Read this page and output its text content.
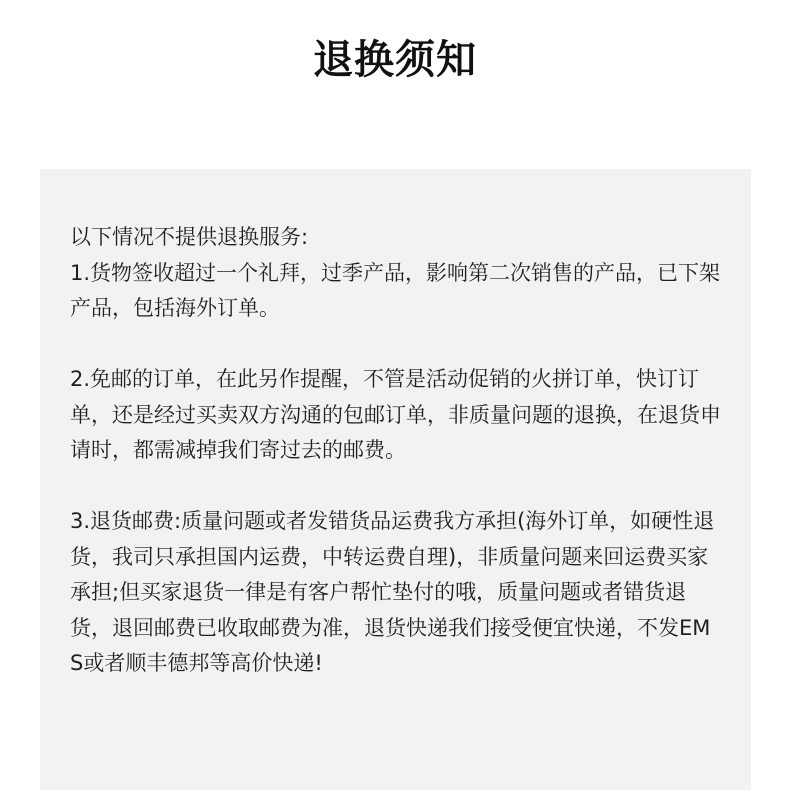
退换须知
以下情况不提供退换服务:
1.货物签收超过一个礼拜，过季产品，影响第二次销售的产品，已下架产品，包括海外订单。
2.免邮的订单，在此另作提醒，不管是活动促销的火拼订单，快订订单，还是经过买卖双方沟通的包邮订单，非质量问题的退换，在退货申请时，都需减掉我们寄过去的邮费。
3.退货邮费:质量问题或者发错货品运费我方承担(海外订单，如硬性退货，我司只承担国内运费，中转运费自理)，非质量问题来回运费买家承担;但买家退货一律是有客户帮忙垫付的哦，质量问题或者错货退货，退回邮费已收取邮费为准，退货快递我们接受便宜快递，不发EMS或者顺丰德邦等高价快递!
